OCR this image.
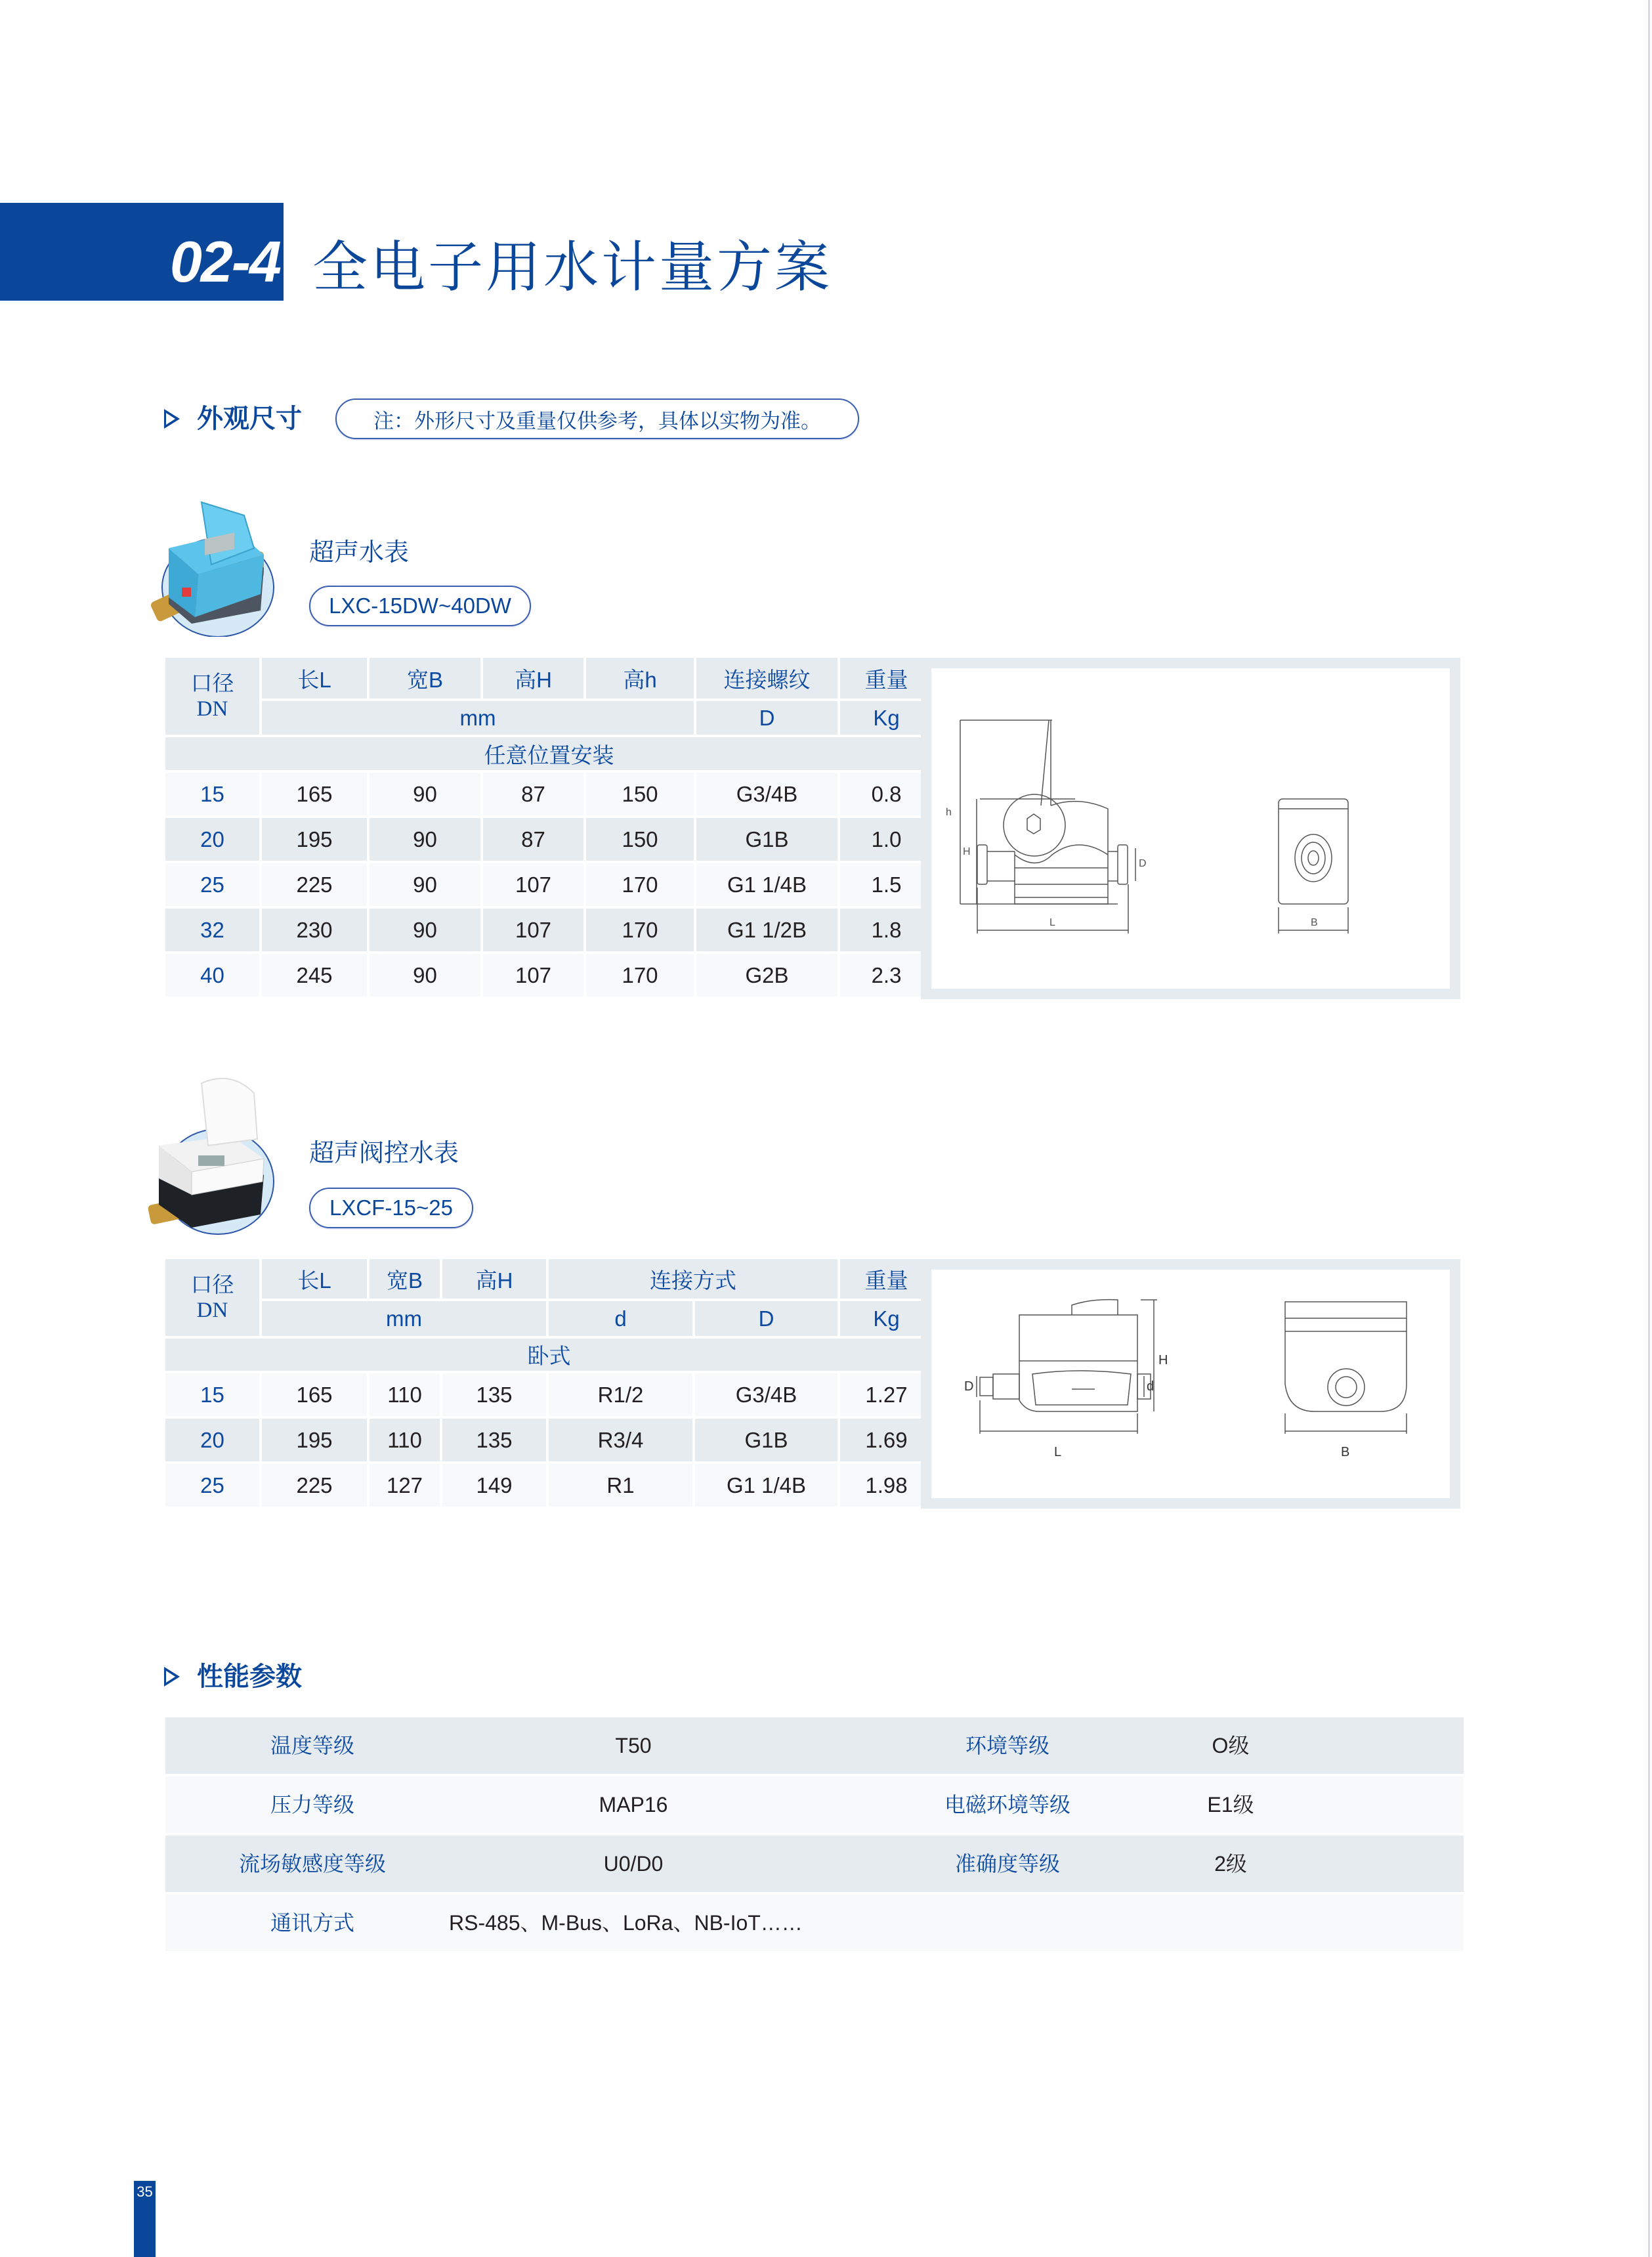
02-4 全电子用水计量方案
外观尺寸	注：外形尺寸及重量仅供参考，具体以实物为准。
超声水表
LXC-15DW~40DW
口径
DN	长L	宽B	高H	高h	连接螺纹	重量
	mm				D	Kg
任意位置安装						
15	165	90	87	150	G3/4B	0.8
20	195	90	87	150	G1B	1.0
25	225	90	107	170	G1 1/4B	1.5
32	230	90	107	170	G1 1/2B	1.8
40	245	90	107	170	G2B	2.3
h
H
D
L	B
超声阀控水表
LXCF-15~25
口径
DN	长L	宽B	高H	连接方式		重量
	mm			d	D	Kg
卧式						
15	165	110	135	R1/2	G3/4B	1.27
20	195	110	135	R3/4	G1B	1.69
25	225	127	149	R1	G1 1/4B	1.98
H
d
D
L	B
性能参数
温度等级	T50	环境等级	O级
压力等级	MAP16	电磁环境等级	E1级
流场敏感度等级	U0/D0	准确度等级	2级
通讯方式	RS-485、M-Bus、LoRa、NB-IoT……
35
